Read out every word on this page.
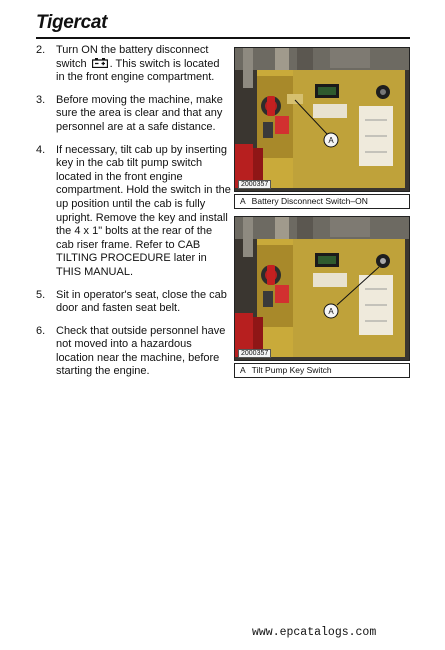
Tigercat
2. Turn ON the battery disconnect switch . This switch is located in the front engine compartment.
3. Before moving the machine, make sure the area is clear and that any personnel are at a safe distance.
4. If necessary, tilt cab up by inserting key in the cab tilt pump switch located in the front engine compartment. Hold the switch in the up position until the cab is fully upright. Remove the key and install the 4 x 1" bolts at the rear of the cab riser frame. Refer to CAB TILTING PROCEDURE later in THIS MANUAL.
5. Sit in operator's seat, close the cab door and fasten seat belt.
6. Check that outside personnel have not moved into a hazardous location near the machine, before starting the engine.
A
2000357
A Battery Disconnect Switch–ON
A
2000357
A Tilt Pump Key Switch
www.epcatalogs.com
